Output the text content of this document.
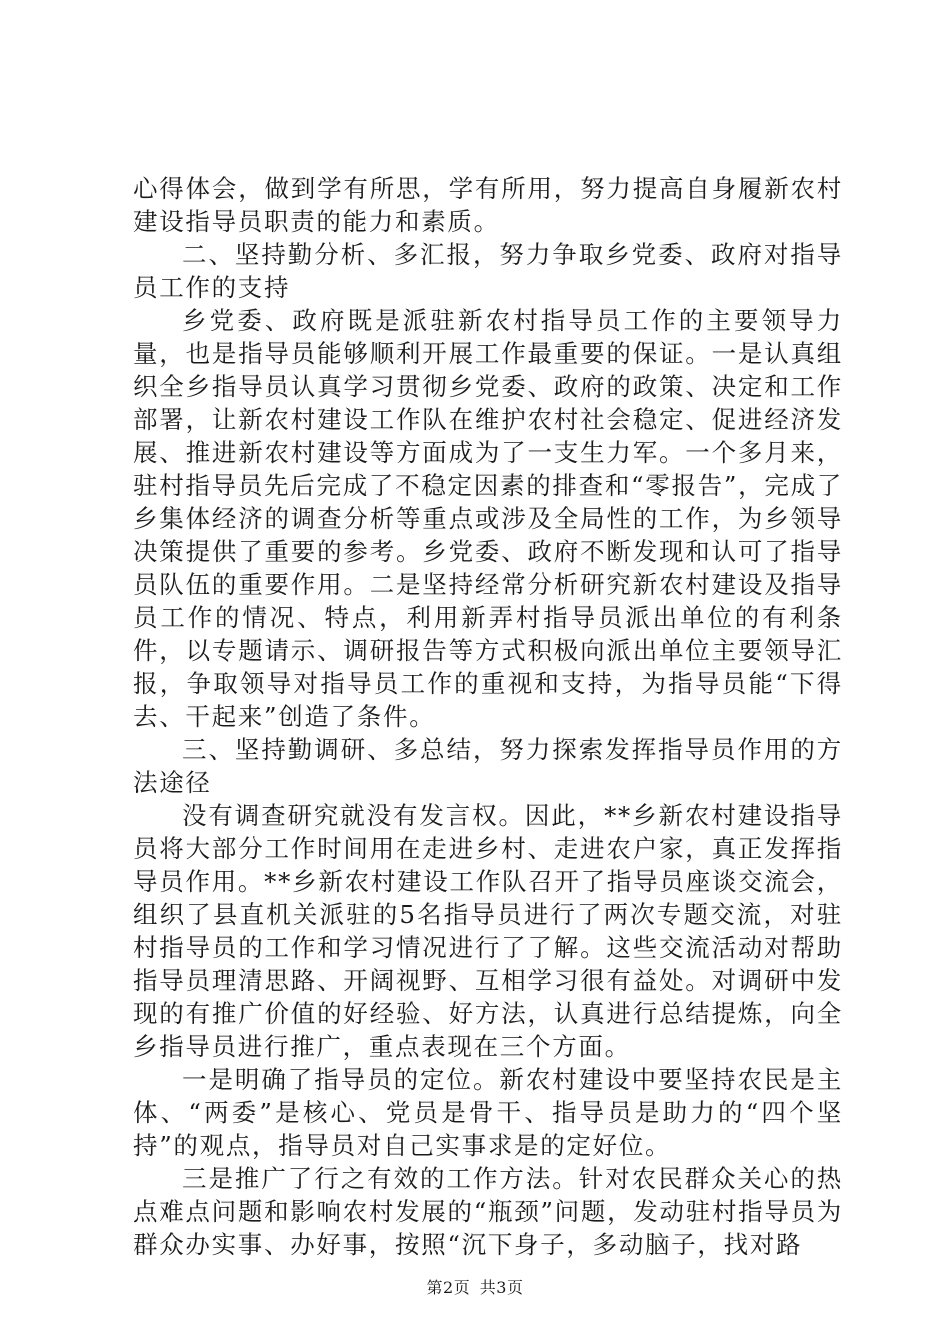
心得体会，做到学有所思，学有所用，努力提高自身履新农村建设指导员职责的能力和素质。

二、坚持勤分析、多汇报，努力争取乡党委、政府对指导员工作的支持

乡党委、政府既是派驻新农村指导员工作的主要领导力量，也是指导员能够顺利开展工作最重要的保证。一是认真组织全乡指导员认真学习贯彻乡党委、政府的政策、决定和工作部署，让新农村建设工作队在维护农村社会稳定、促进经济发展、推进新农村建设等方面成为了一支生力军。一个多月来，驻村指导员先后完成了不稳定因素的排查和“零报告”，完成了乡集体经济的调查分析等重点或涉及全局性的工作，为乡领导决策提供了重要的参考。乡党委、政府不断发现和认可了指导员队伍的重要作用。二是坚持经常分析研究新农村建设及指导员工作的情况、特点，利用新弄村指导员派出单位的有利条件，以专题请示、调研报告等方式积极向派出单位主要领导汇报，争取领导对指导员工作的重视和支持，为指导员能“下得去、干起来”创造了条件。

三、坚持勤调研、多总结，努力探索发挥指导员作用的方法途径

没有调查研究就没有发言权。因此，**乡新农村建设指导员将大部分工作时间用在走进乡村、走进农户家，真正发挥指导员作用。**乡新农村建设工作队召开了指导员座谈交流会，组织了县直机关派驻的5名指导员进行了两次专题交流，对驻村指导员的工作和学习情况进行了了解。这些交流活动对帮助指导员理清思路、开阔视野、互相学习很有益处。对调研中发现的有推广价值的好经验、好方法，认真进行总结提炼，向全乡指导员进行推广，重点表现在三个方面。

一是明确了指导员的定位。新农村建设中要坚持农民是主体、“两委”是核心、党员是骨干、指导员是助力的“四个坚持”的观点，指导员对自己实事求是的定好位。

三是推广了行之有效的工作方法。针对农民群众关心的热点难点问题和影响农村发展的“瓶颈”问题，发动驻村指导员为群众办实事、办好事，按照“沉下身子，多动脑子，找对路

第2页 共3页
